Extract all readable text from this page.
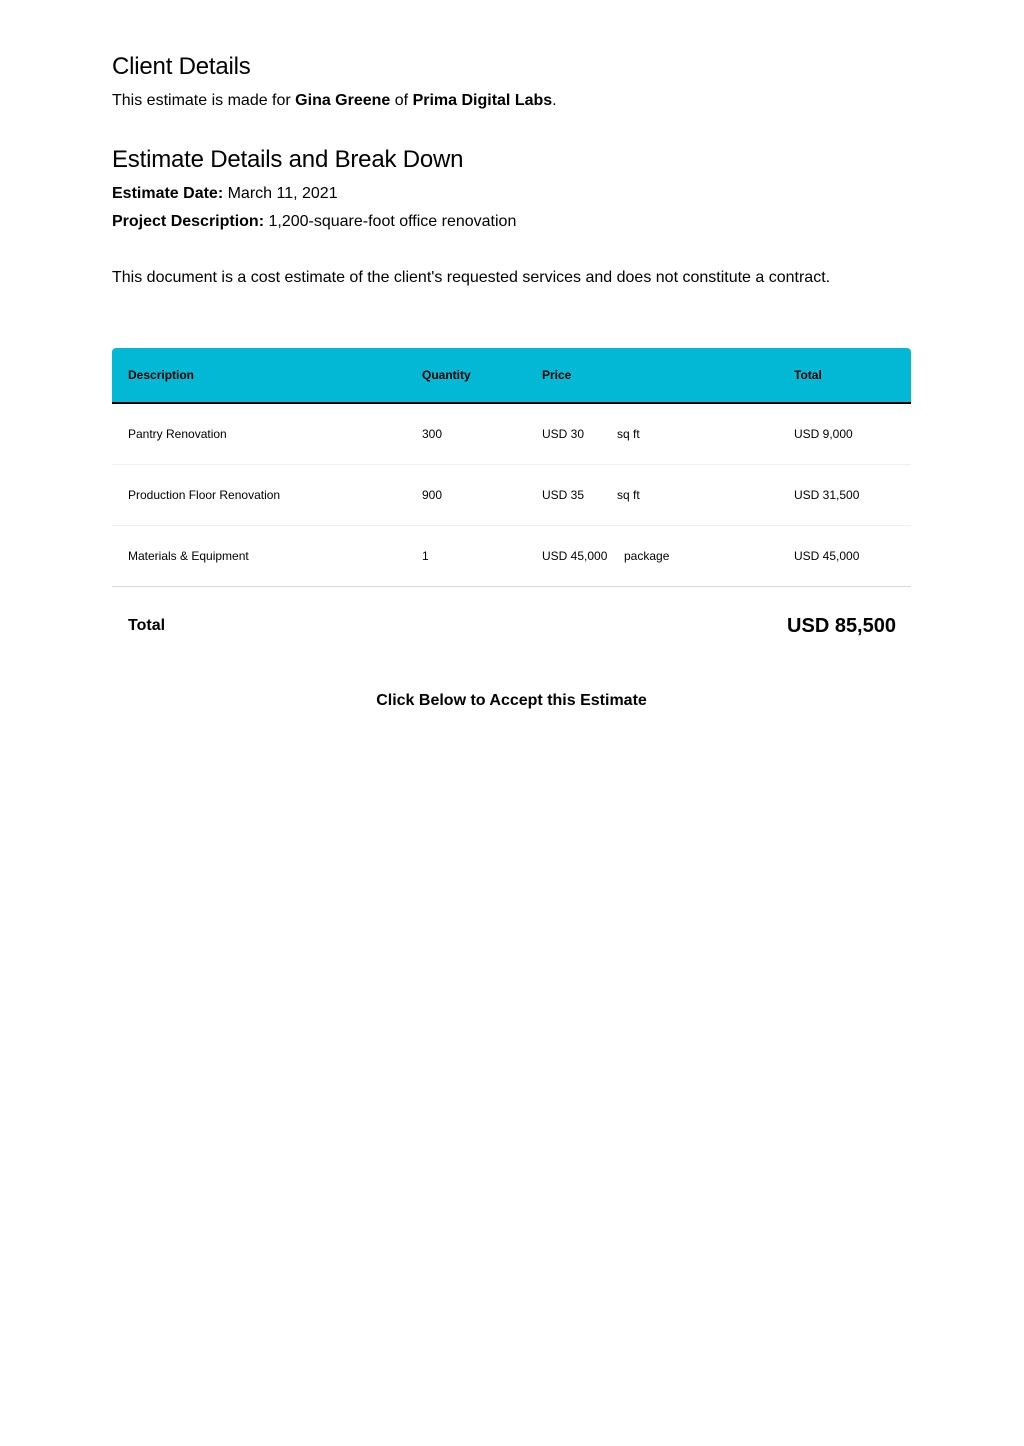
Client Details
This estimate is made for Gina Greene of Prima Digital Labs.
Estimate Details and Break Down
Estimate Date: March 11, 2021
Project Description: 1,200-square-foot office renovation
This document is a cost estimate of the client's requested services and does not constitute a contract.
Description	Quantity	Price	Total
Pantry Renovation	300	USD 30	sq ft	USD 9,000
Production Floor Renovation	900	USD 35	sq ft	USD 31,500
Materials & Equipment	1	USD 45,000 package	USD 45,000
Total	USD 85,500
Click Below to Accept this Estimate
